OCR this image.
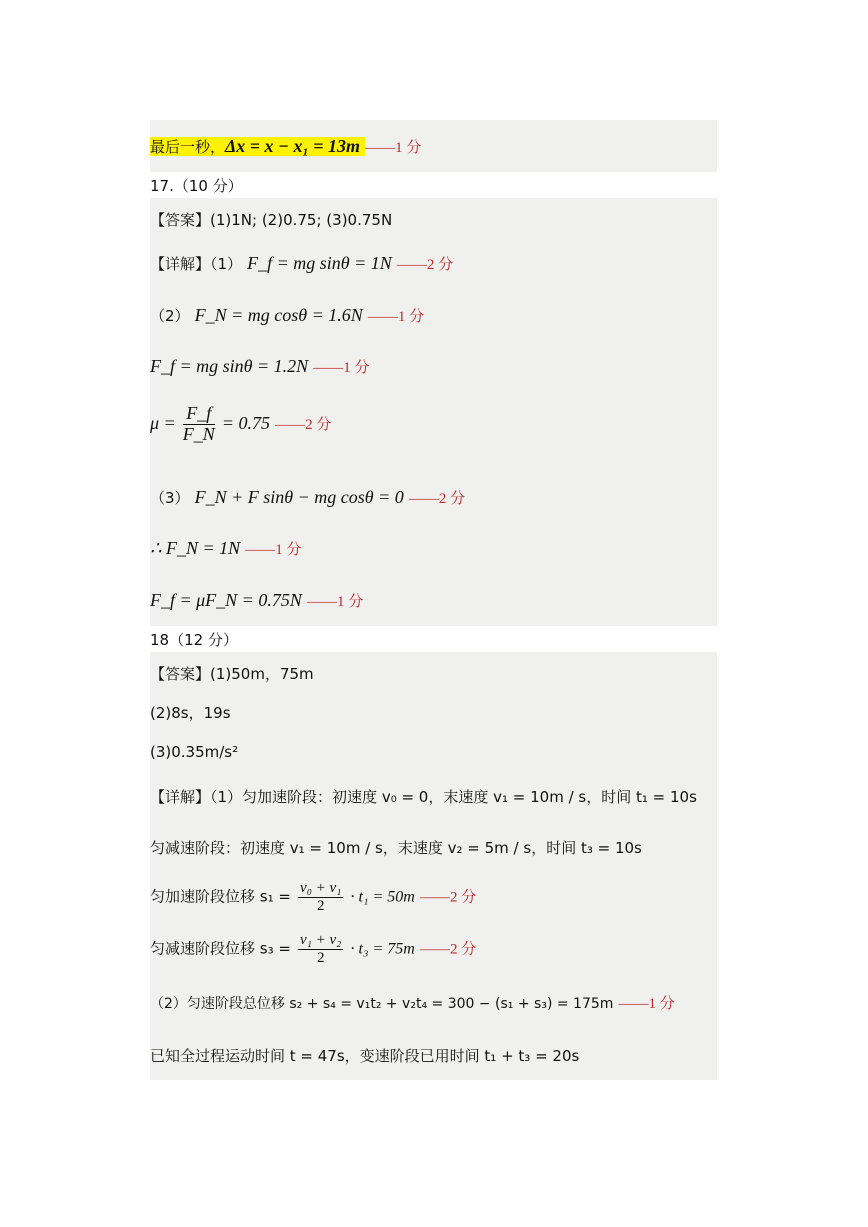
最后一秒，Δx = x − x₁ = 13m ——1 分
17.（10 分）
【答案】(1)1N; (2)0.75; (3)0.75N
【详解】（1） F_f = mg sinθ = 1N ——2 分
（2） F_N = mg cosθ = 1.6N ——1 分
F_f = mg sinθ = 1.2N ——1 分
$\mu = \frac{F\_f}{F\_N} = 0.75$ ——2 分
（3） F_N + F sinθ − mg cosθ = 0 ——2 分
∴ F_N = 1N ——1 分
F_f = μF_N = 0.75N ——1 分
18（12 分）
【答案】(1)50m，75m
(2)8s，19s
(3)0.35m/s²
【详解】（1）匀加速阶段：初速度 v₀ = 0，末速度 v₁ = 10m / s，时间 t₁ = 10s
匀减速阶段：初速度 v₁ = 10m / s，末速度 v₂ = 5m / s，时间 t₃ = 10s
匀加速阶段位移 $s_1 = \frac{\text{v₀ + v₁}}{2} \cdot t_1 = 50m$ ——2 分
匀减速阶段位移 $s_3 = \frac{\text{v₁ + v₂}}{2} \cdot t_3 = 75m$ ——2 分
（2）匀速阶段总位移 s₂ + s₄ = v₁t₂ + v₂t₄ = 300 − (s₁ + s₃) = 175m ——1 分
已知全过程运动时间 t = 47s，变速阶段已用时间 t₁ + t₃ = 20s
